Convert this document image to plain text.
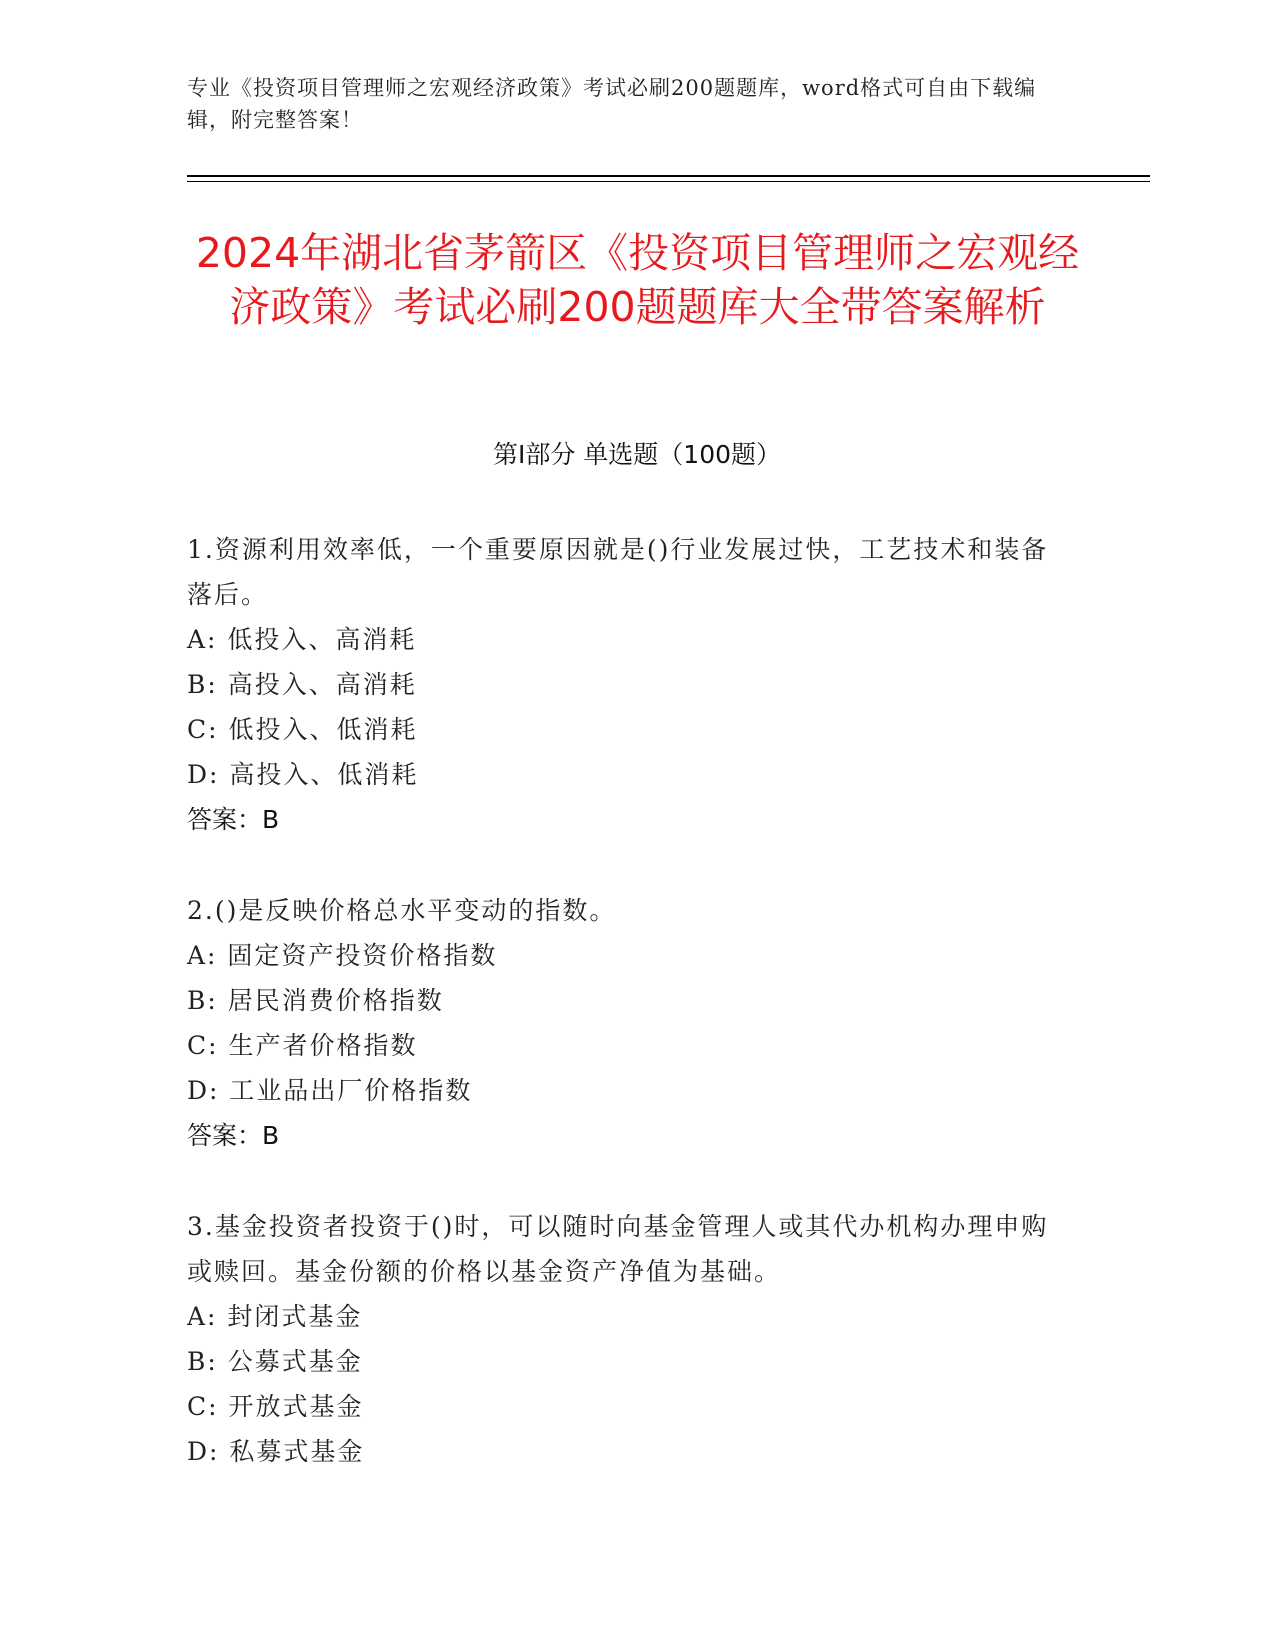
专业《投资项目管理师之宏观经济政策》考试必刷200题题库，word格式可自由下载编辑，附完整答案！
2024年湖北省茅箭区《投资项目管理师之宏观经济政策》考试必刷200题题库大全带答案解析
第Ⅰ部分 单选题（100题）

1.资源利用效率低，一个重要原因就是()行业发展过快，工艺技术和装备落后。

A: 低投入、高消耗

B: 高投入、高消耗

C: 低投入、低消耗

D: 高投入、低消耗

答案：B

2.()是反映价格总水平变动的指数。

A: 固定资产投资价格指数

B: 居民消费价格指数

C: 生产者价格指数

D: 工业品出厂价格指数

答案：B

3.基金投资者投资于()时，可以随时向基金管理人或其代办机构办理申购或赎回。基金份额的价格以基金资产净值为基础。

A: 封闭式基金

B: 公募式基金

C: 开放式基金

D: 私募式基金
